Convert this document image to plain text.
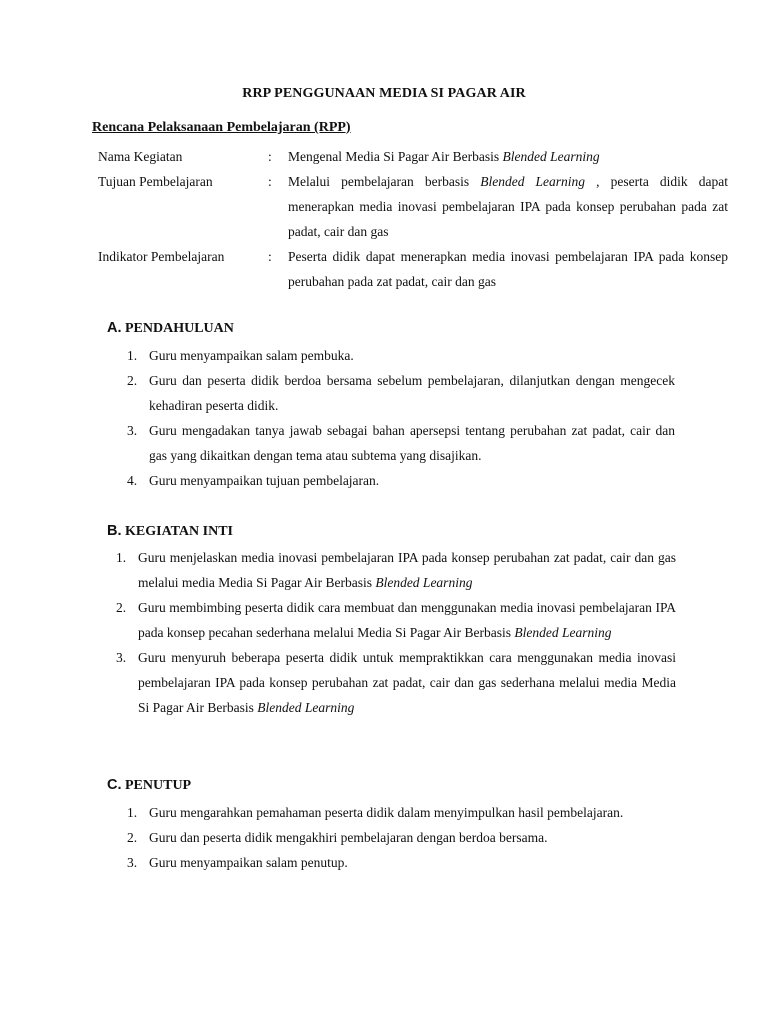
RRP PENGGUNAAN MEDIA SI PAGAR AIR
Rencana Pelaksanaan Pembelajaran (RPP)
Nama Kegiatan	:	Mengenal Media Si Pagar Air Berbasis Blended Learning
Tujuan Pembelajaran	:	Melalui pembelajaran berbasis Blended Learning , peserta didik dapat menerapkan media inovasi pembelajaran IPA pada konsep perubahan pada zat padat, cair dan gas
Indikator Pembelajaran	:	Peserta didik dapat menerapkan media inovasi pembelajaran IPA pada konsep perubahan pada zat padat, cair dan gas
A. PENDAHULUAN
1. Guru menyampaikan salam pembuka.
2. Guru dan peserta didik berdoa bersama sebelum pembelajaran, dilanjutkan dengan mengecek kehadiran peserta didik.
3. Guru mengadakan tanya jawab sebagai bahan apersepsi tentang perubahan zat padat, cair dan gas yang dikaitkan dengan tema atau subtema yang disajikan.
4. Guru menyampaikan tujuan pembelajaran.
B. KEGIATAN INTI
1. Guru menjelaskan media inovasi pembelajaran IPA pada konsep perubahan zat padat, cair dan gas melalui media Media Si Pagar Air Berbasis Blended Learning
2. Guru membimbing peserta didik cara membuat dan menggunakan media inovasi pembelajaran IPA pada konsep pecahan sederhana melalui Media Si Pagar Air Berbasis Blended Learning
3. Guru menyuruh beberapa peserta didik untuk mempraktikkan cara menggunakan media inovasi pembelajaran IPA pada konsep perubahan zat padat, cair dan gas sederhana melalui media Media Si Pagar Air Berbasis Blended Learning
C. PENUTUP
1. Guru mengarahkan pemahaman peserta didik dalam menyimpulkan hasil pembelajaran.
2. Guru dan peserta didik mengakhiri pembelajaran dengan berdoa bersama.
3. Guru menyampaikan salam penutup.
